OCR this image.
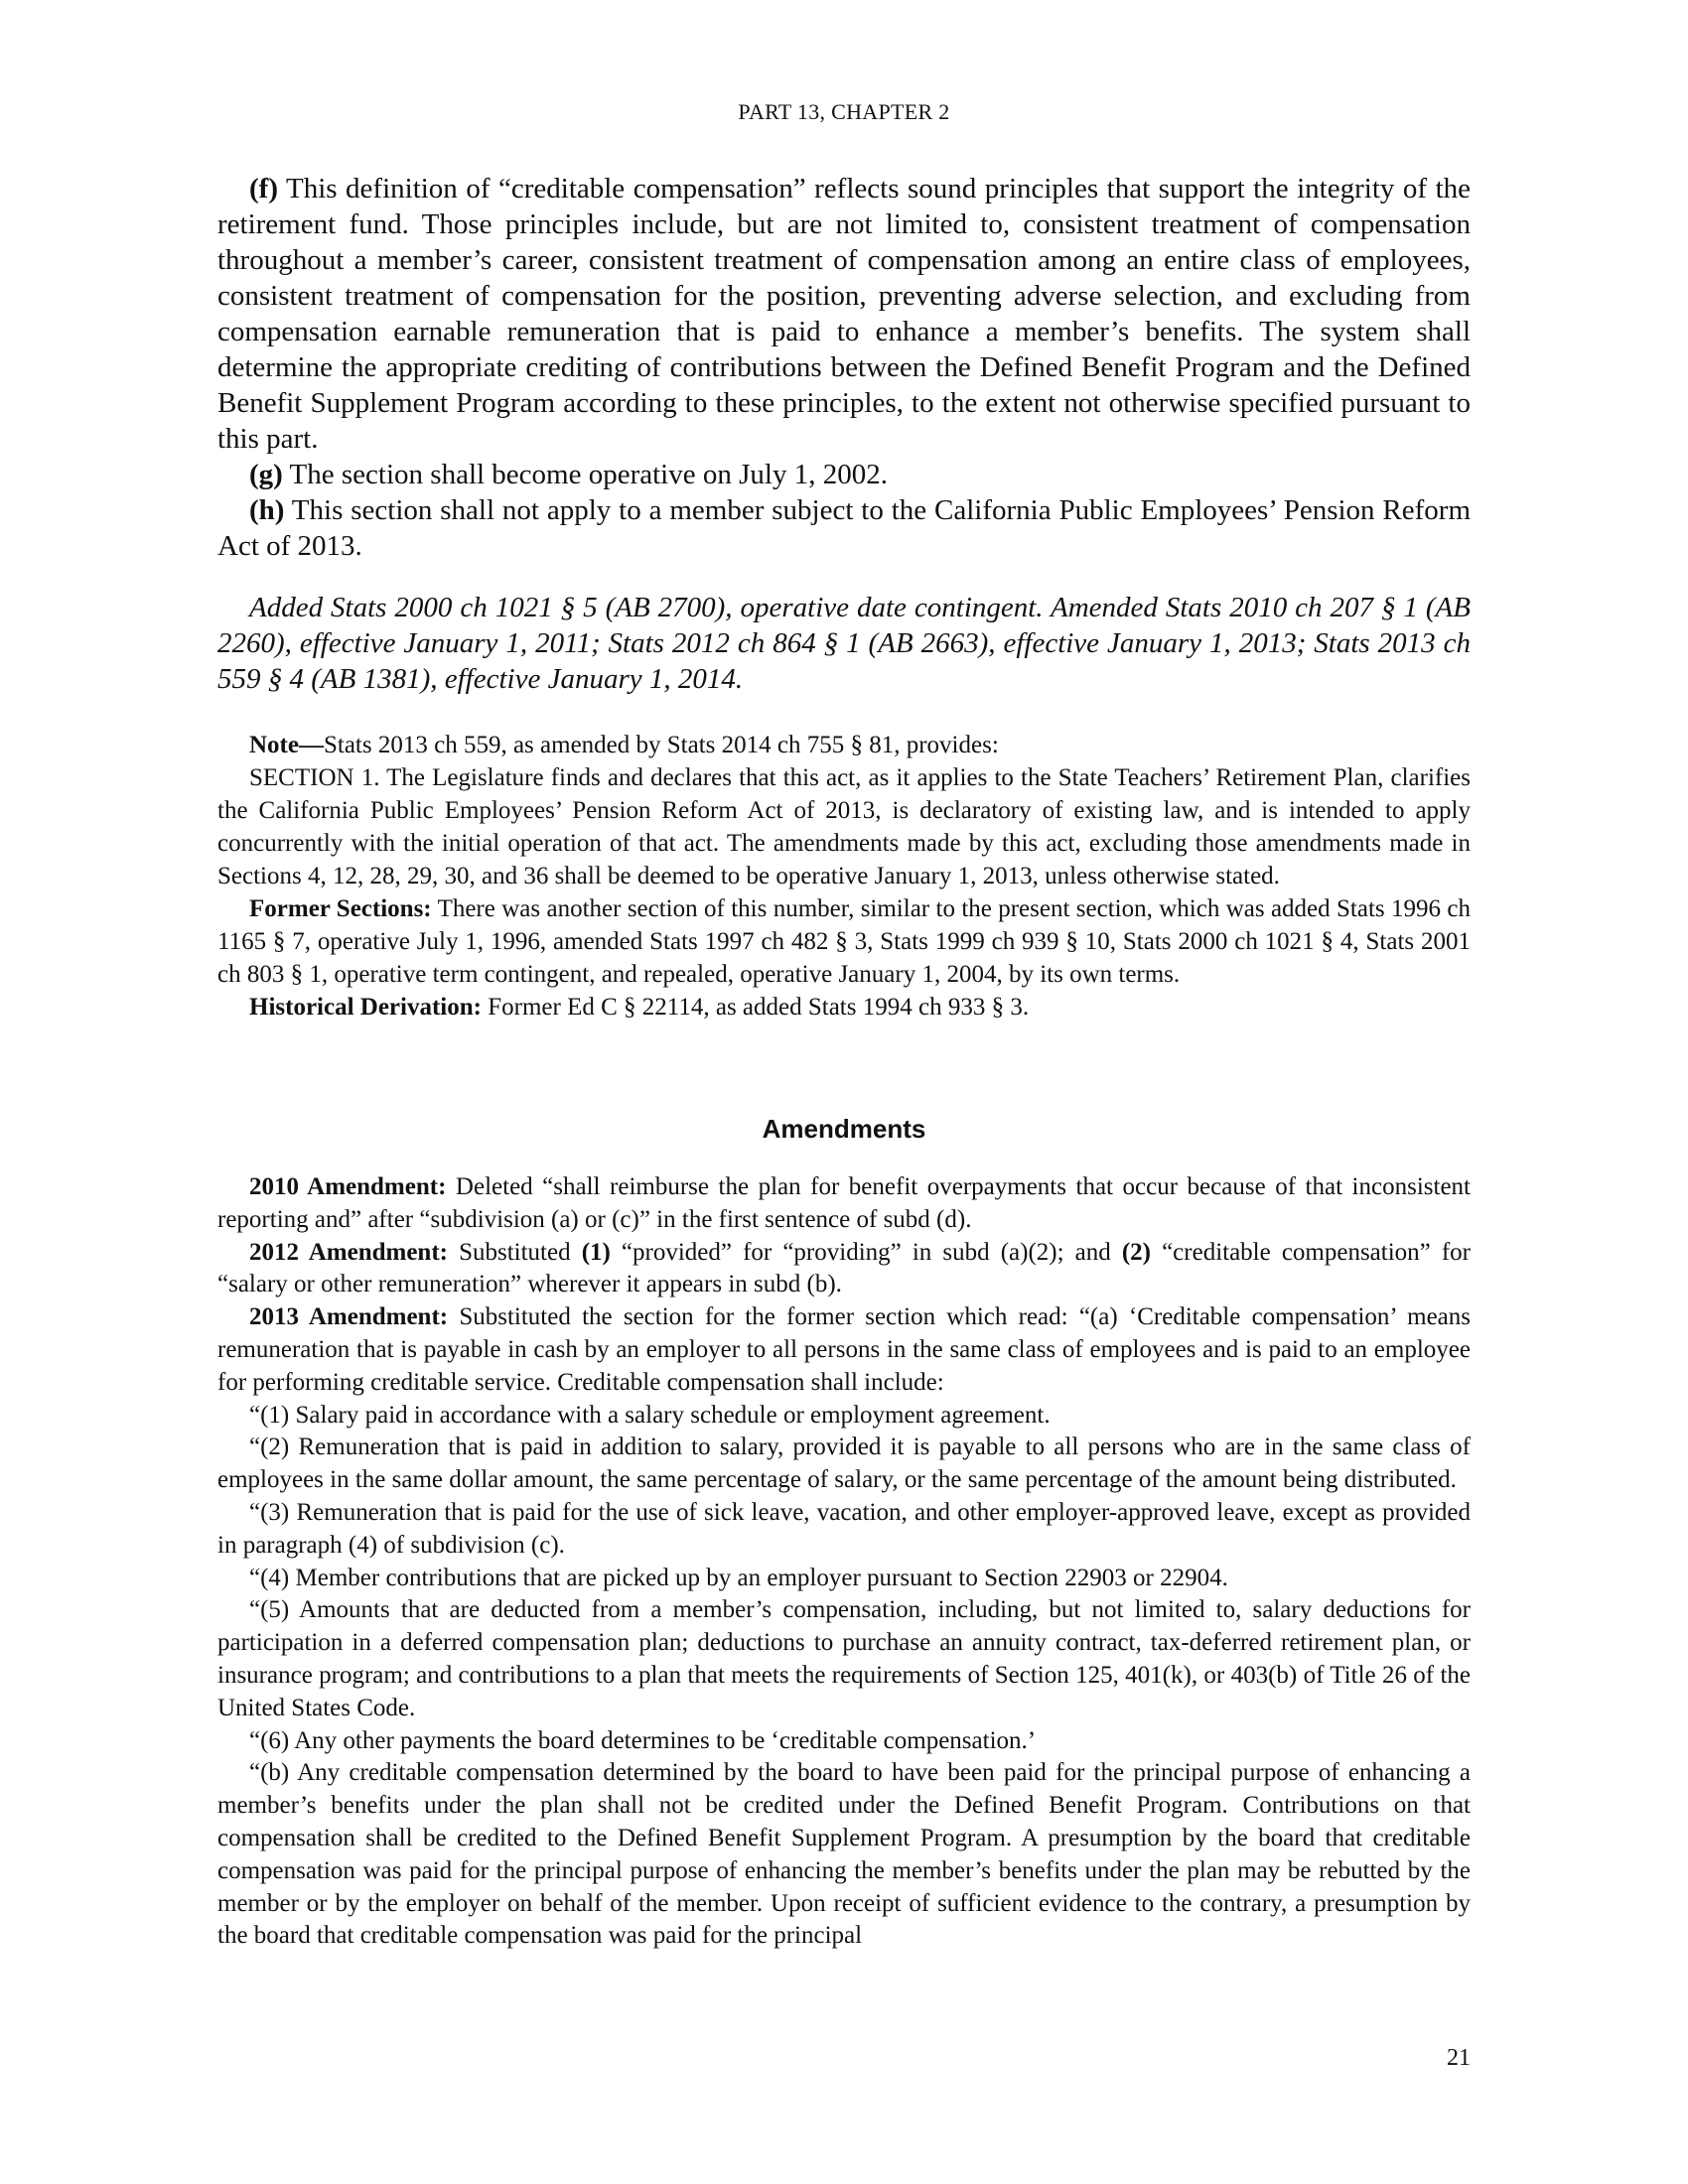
PART 13, CHAPTER 2

(f) This definition of “creditable compensation” reflects sound principles that support the integrity of the retirement fund. Those principles include, but are not limited to, consistent treatment of compensation throughout a member’s career, consistent treatment of compensation among an entire class of employees, consistent treatment of compensation for the position, preventing adverse selection, and excluding from compensation earnable remuneration that is paid to enhance a member’s benefits. The system shall determine the appropriate crediting of contributions between the Defined Benefit Program and the Defined Benefit Supplement Program according to these principles, to the extent not otherwise specified pursuant to this part.

(g) The section shall become operative on July 1, 2002.

(h) This section shall not apply to a member subject to the California Public Employees’ Pension Reform Act of 2013.

Added Stats 2000 ch 1021 § 5 (AB 2700), operative date contingent. Amended Stats 2010 ch 207 § 1 (AB 2260), effective January 1, 2011; Stats 2012 ch 864 § 1 (AB 2663), effective January 1, 2013; Stats 2013 ch 559 § 4 (AB 1381), effective January 1, 2014.

Note—Stats 2013 ch 559, as amended by Stats 2014 ch 755 § 81, provides:

SECTION 1. The Legislature finds and declares that this act, as it applies to the State Teachers’ Retirement Plan, clarifies the California Public Employees’ Pension Reform Act of 2013, is declaratory of existing law, and is intended to apply concurrently with the initial operation of that act. The amendments made by this act, excluding those amendments made in Sections 4, 12, 28, 29, 30, and 36 shall be deemed to be operative January 1, 2013, unless otherwise stated.

Former Sections: There was another section of this number, similar to the present section, which was added Stats 1996 ch 1165 § 7, operative July 1, 1996, amended Stats 1997 ch 482 § 3, Stats 1999 ch 939 § 10, Stats 2000 ch 1021 § 4, Stats 2001 ch 803 § 1, operative term contingent, and repealed, operative January 1, 2004, by its own terms.

Historical Derivation: Former Ed C § 22114, as added Stats 1994 ch 933 § 3.

Amendments

2010 Amendment: Deleted “shall reimburse the plan for benefit overpayments that occur because of that inconsistent reporting and” after “subdivision (a) or (c)” in the first sentence of subd (d).

2012 Amendment: Substituted (1) “provided” for “providing” in subd (a)(2); and (2) “creditable compensation” for “salary or other remuneration” wherever it appears in subd (b).

2013 Amendment: Substituted the section for the former section which read: “(a) ‘Creditable compensation’ means remuneration that is payable in cash by an employer to all persons in the same class of employees and is paid to an employee for performing creditable service. Creditable compensation shall include:

“(1) Salary paid in accordance with a salary schedule or employment agreement.

“(2) Remuneration that is paid in addition to salary, provided it is payable to all persons who are in the same class of employees in the same dollar amount, the same percentage of salary, or the same percentage of the amount being distributed.

“(3) Remuneration that is paid for the use of sick leave, vacation, and other employer-approved leave, except as provided in paragraph (4) of subdivision (c).

“(4) Member contributions that are picked up by an employer pursuant to Section 22903 or 22904.

“(5) Amounts that are deducted from a member’s compensation, including, but not limited to, salary deductions for participation in a deferred compensation plan; deductions to purchase an annuity contract, tax-deferred retirement plan, or insurance program; and contributions to a plan that meets the requirements of Section 125, 401(k), or 403(b) of Title 26 of the United States Code.

“(6) Any other payments the board determines to be ‘creditable compensation.’

“(b) Any creditable compensation determined by the board to have been paid for the principal purpose of enhancing a member’s benefits under the plan shall not be credited under the Defined Benefit Program. Contributions on that compensation shall be credited to the Defined Benefit Supplement Program. A presumption by the board that creditable compensation was paid for the principal purpose of enhancing the member’s benefits under the plan may be rebutted by the member or by the employer on behalf of the member. Upon receipt of sufficient evidence to the contrary, a presumption by the board that creditable compensation was paid for the principal

21
